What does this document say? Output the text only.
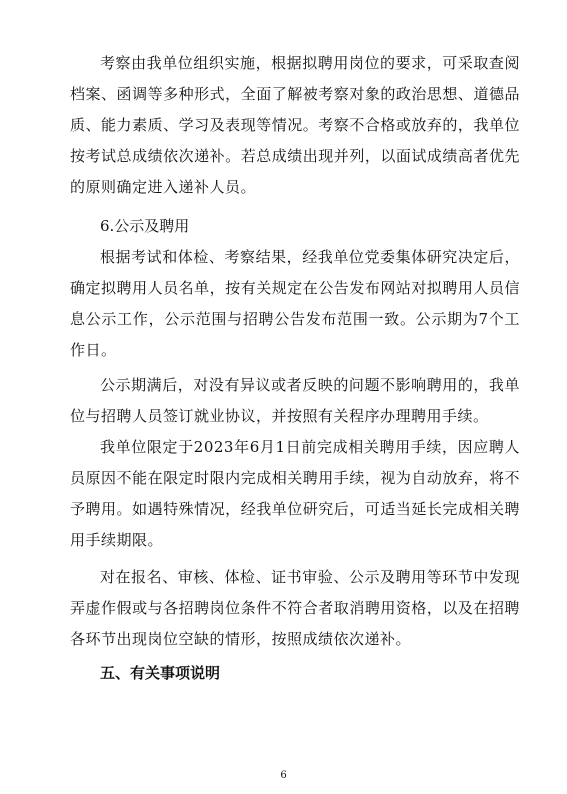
考察由我单位组织实施，根据拟聘用岗位的要求，可采取查阅档案、函调等多种形式，全面了解被考察对象的政治思想、道德品质、能力素质、学习及表现等情况。考察不合格或放弃的，我单位按考试总成绩依次递补。若总成绩出现并列，以面试成绩高者优先的原则确定进入递补人员。

6.公示及聘用

根据考试和体检、考察结果，经我单位党委集体研究决定后，确定拟聘用人员名单，按有关规定在公告发布网站对拟聘用人员信息公示工作，公示范围与招聘公告发布范围一致。公示期为7个工作日。

公示期满后，对没有异议或者反映的问题不影响聘用的，我单位与招聘人员签订就业协议，并按照有关程序办理聘用手续。

我单位限定于2023年6月1日前完成相关聘用手续，因应聘人员原因不能在限定时限内完成相关聘用手续，视为自动放弃，将不予聘用。如遇特殊情况，经我单位研究后，可适当延长完成相关聘用手续期限。

对在报名、审核、体检、证书审验、公示及聘用等环节中发现弄虚作假或与各招聘岗位条件不符合者取消聘用资格，以及在招聘各环节出现岗位空缺的情形，按照成绩依次递补。

五、有关事项说明

6
